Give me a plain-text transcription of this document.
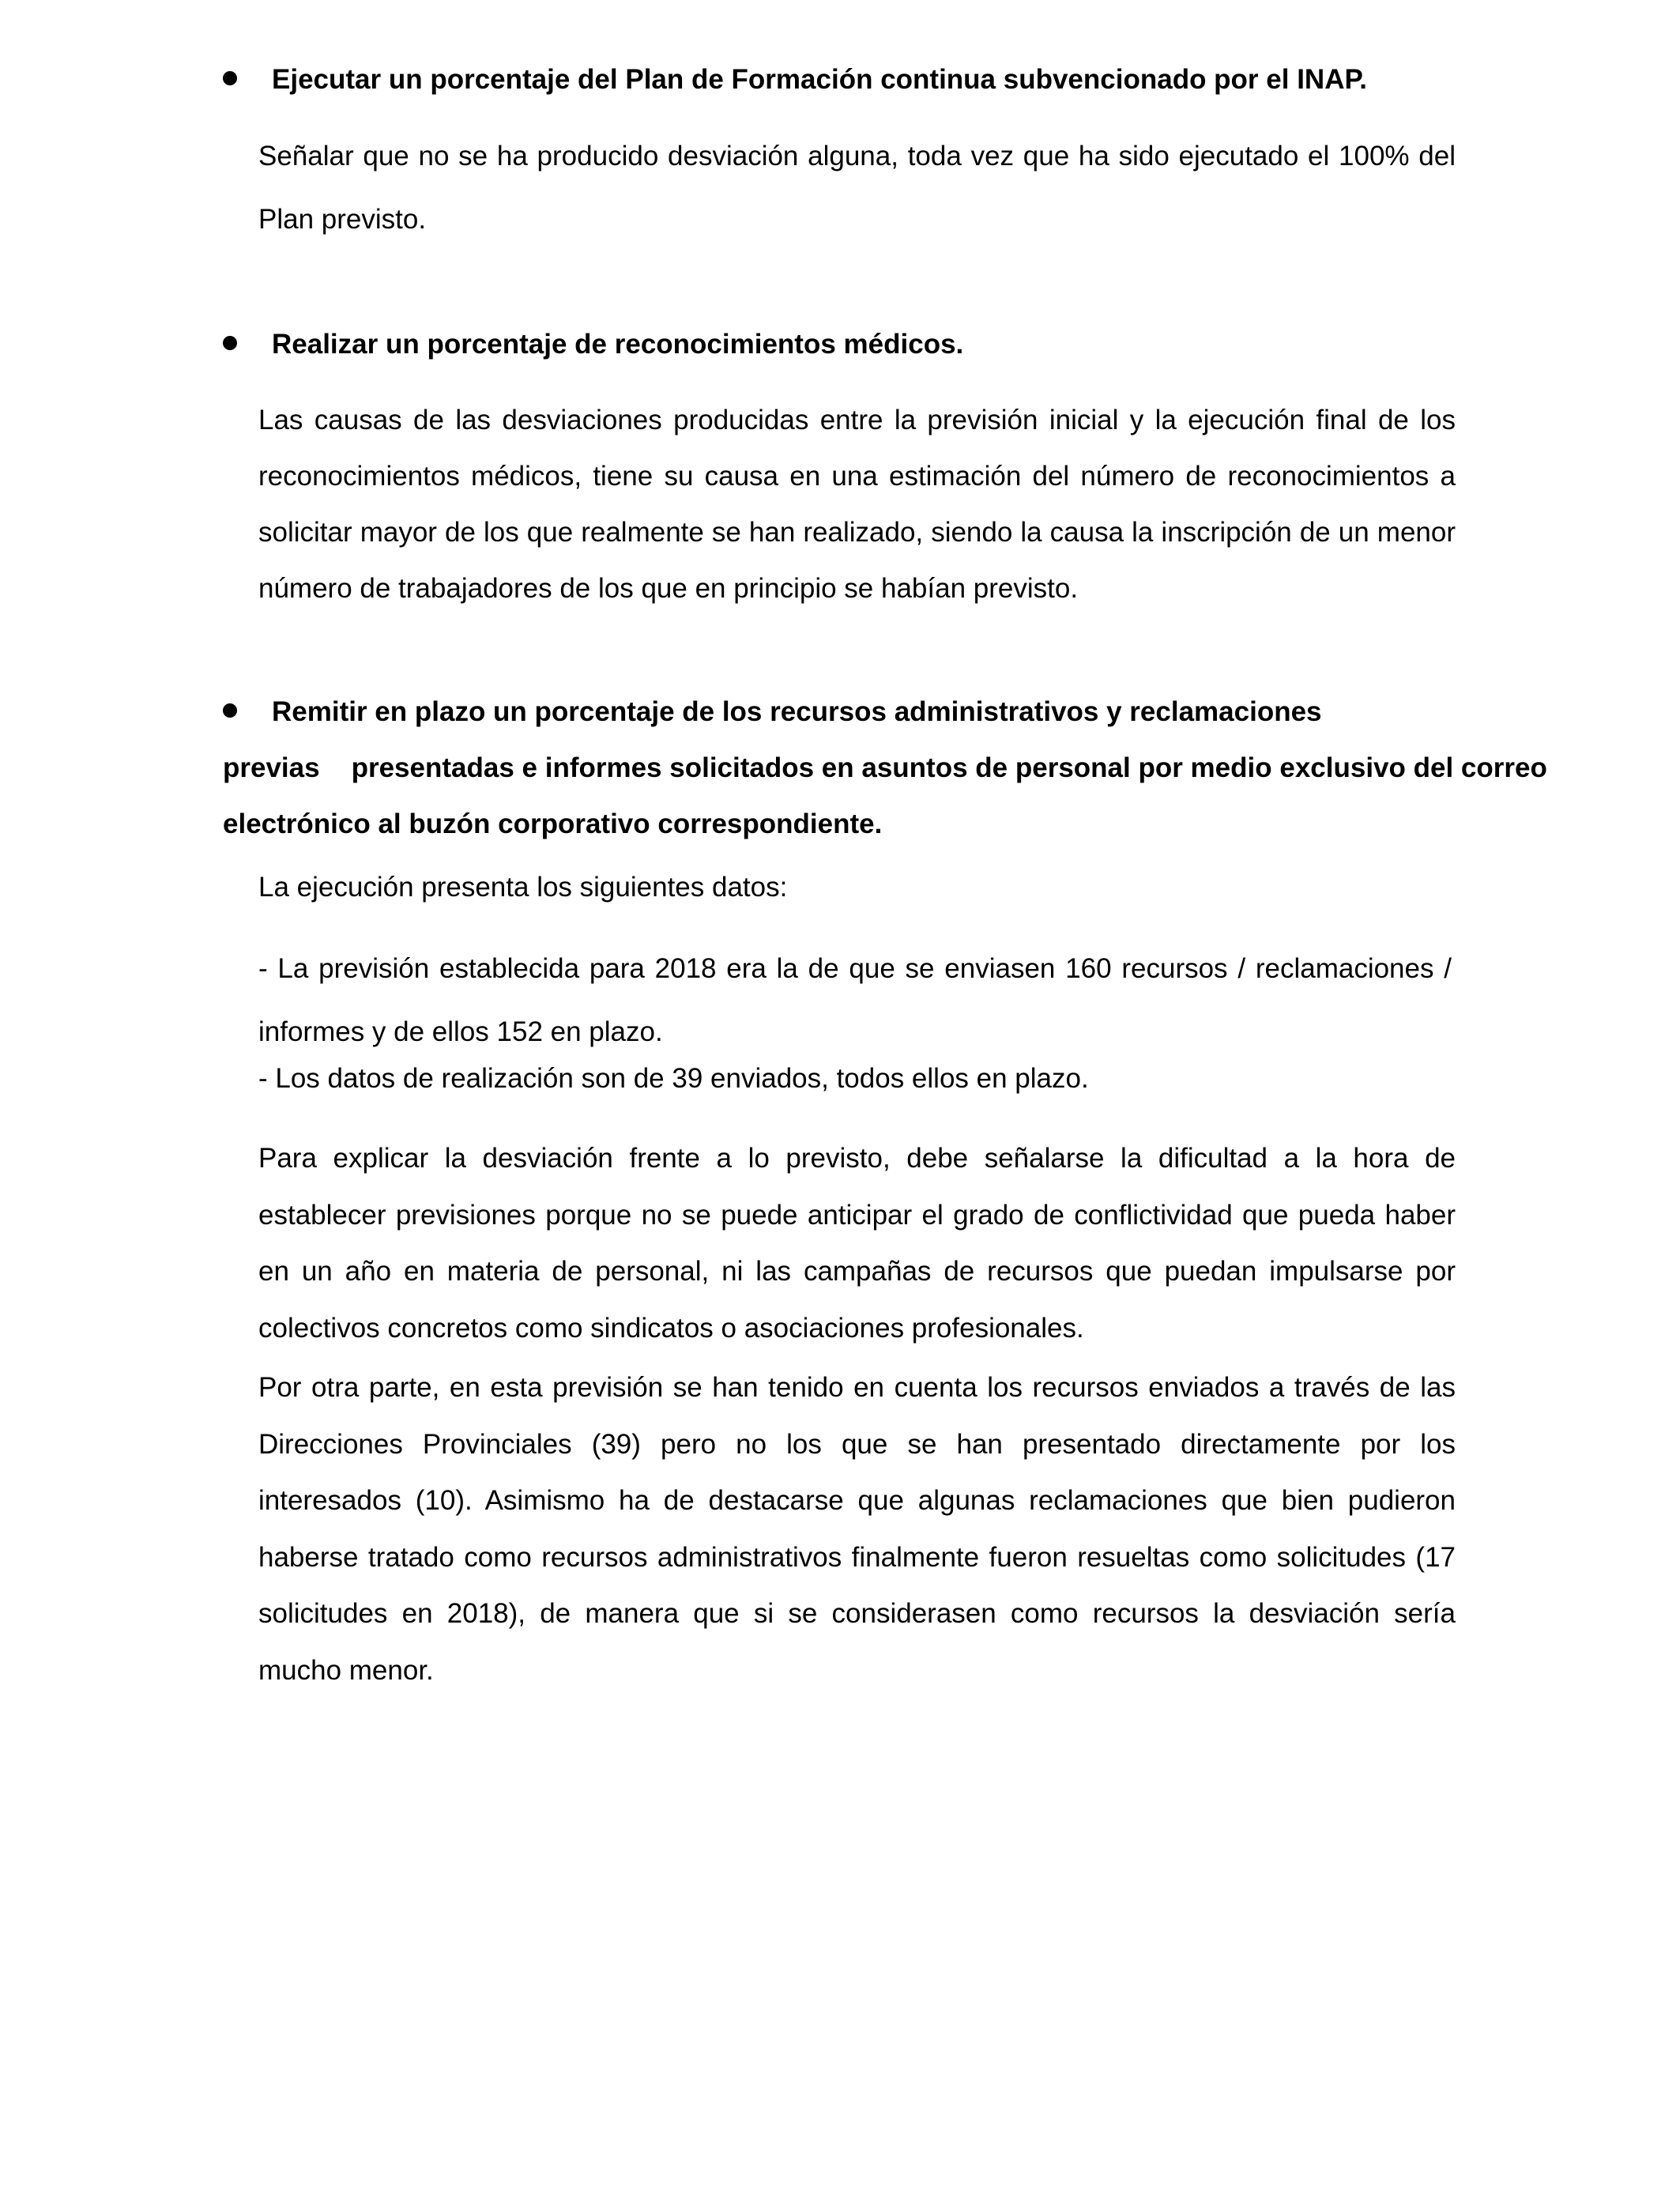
Ejecutar un porcentaje del Plan de Formación continua subvencionado por el INAP.
Señalar que no se ha producido desviación alguna, toda vez que ha sido ejecutado el 100% del Plan previsto.
Realizar un porcentaje de reconocimientos médicos.
Las causas de las desviaciones producidas entre la previsión inicial y la ejecución final de los reconocimientos médicos, tiene su causa en una estimación del número de reconocimientos a solicitar mayor de los que realmente se han realizado, siendo la causa la inscripción de un menor número de trabajadores de los que en principio se habían previsto.
Remitir en plazo un porcentaje de los recursos administrativos y reclamaciones
previas presentadas e informes solicitados en asuntos de personal por medio exclusivo del correo
electrónico al buzón corporativo correspondiente.
La ejecución presenta los siguientes datos:
- La previsión establecida para 2018 era la de que se enviasen 160 recursos / reclamaciones / informes y de ellos 152 en plazo.
- Los datos de realización son de 39 enviados, todos ellos en plazo.
Para explicar la desviación frente a lo previsto, debe señalarse la dificultad a la hora de establecer previsiones porque no se puede anticipar el grado de conflictividad que pueda haber en un año en materia de personal, ni las campañas de recursos que puedan impulsarse por colectivos concretos como sindicatos o asociaciones profesionales.
Por otra parte, en esta previsión se han tenido en cuenta los recursos enviados a través de las Direcciones Provinciales (39) pero no los que se han presentado directamente por los interesados (10). Asimismo ha de destacarse que algunas reclamaciones que bien pudieron haberse tratado como recursos administrativos finalmente fueron resueltas como solicitudes (17 solicitudes en 2018), de manera que si se considerasen como recursos la desviación sería mucho menor.
